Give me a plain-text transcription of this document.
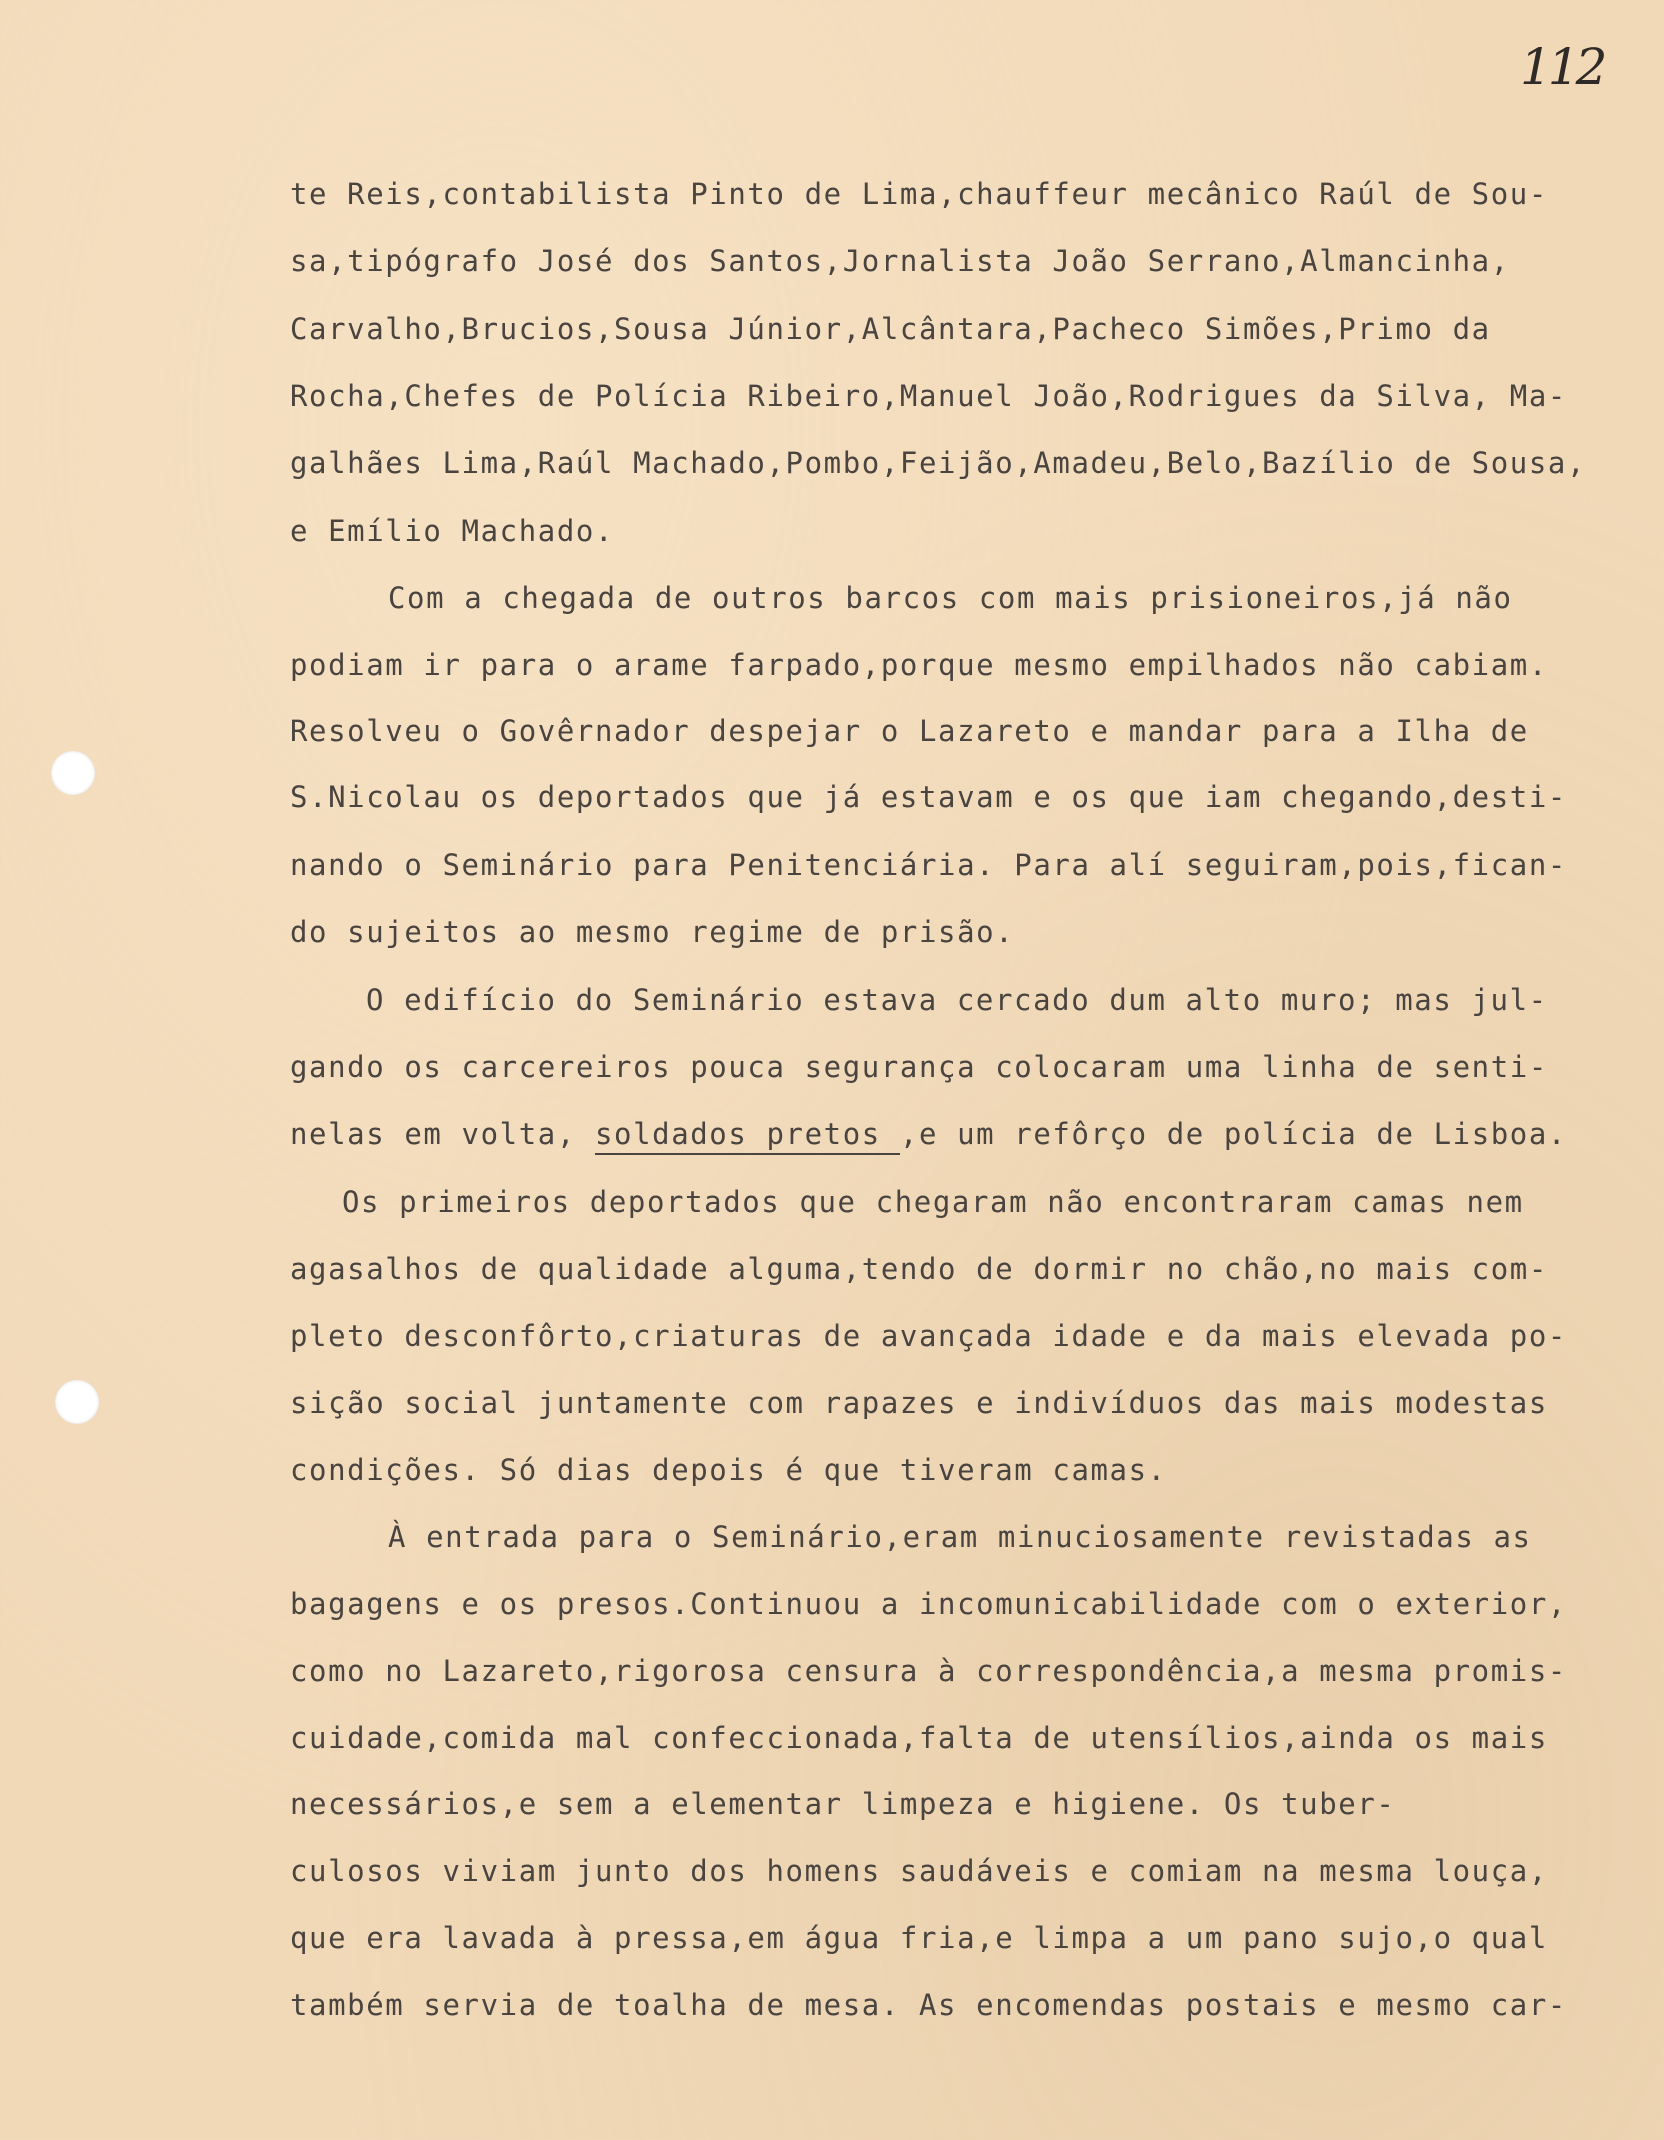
112
te Reis,contabilista Pinto de Lima,chauffeur mecânico Raúl de Sou-
sa,tipógrafo José dos Santos,Jornalista João Serrano,Almancinha,
Carvalho,Brucios,Sousa Júnior,Alcântara,Pacheco Simões,Primo da
Rocha,Chefes de Polícia Ribeiro,Manuel João,Rodrigues da Silva, Ma-
galhães Lima,Raúl Machado,Pombo,Feijão,Amadeu,Belo,Bazílio de Sousa,
e Emílio Machado.
Com a chegada de outros barcos com mais prisioneiros,já não
podiam ir para o arame farpado,porque mesmo empilhados não cabiam.
Resolveu o Govêrnador despejar o Lazareto e mandar para a Ilha de
S.Nicolau os deportados que já estavam e os que iam chegando,desti-
nando o Seminário para Penitenciária. Para alí seguiram,pois,fican-
do sujeitos ao mesmo regime de prisão.
O edifício do Seminário estava cercado dum alto muro; mas jul-
gando os carcereiros pouca segurança colocaram uma linha de senti-
nelas em volta, soldados pretos ,e um refôrço de polícia de Lisboa.
Os primeiros deportados que chegaram não encontraram camas nem
agasalhos de qualidade alguma,tendo de dormir no chão,no mais com-
pleto desconfôrto,criaturas de avançada idade e da mais elevada po-
sição social juntamente com rapazes e indivíduos das mais modestas
condições. Só dias depois é que tiveram camas.
À entrada para o Seminário,eram minuciosamente revistadas as
bagagens e os presos.Continuou a incomunicabilidade com o exterior,
como no Lazareto,rigorosa censura à correspondência,a mesma promis-
cuidade,comida mal confeccionada,falta de utensílios,ainda os mais
necessários,e sem a elementar limpeza e higiene. Os tuber-
culosos viviam junto dos homens saudáveis e comiam na mesma louça,
que era lavada à pressa,em água fria,e limpa a um pano sujo,o qual
também servia de toalha de mesa. As encomendas postais e mesmo car-
